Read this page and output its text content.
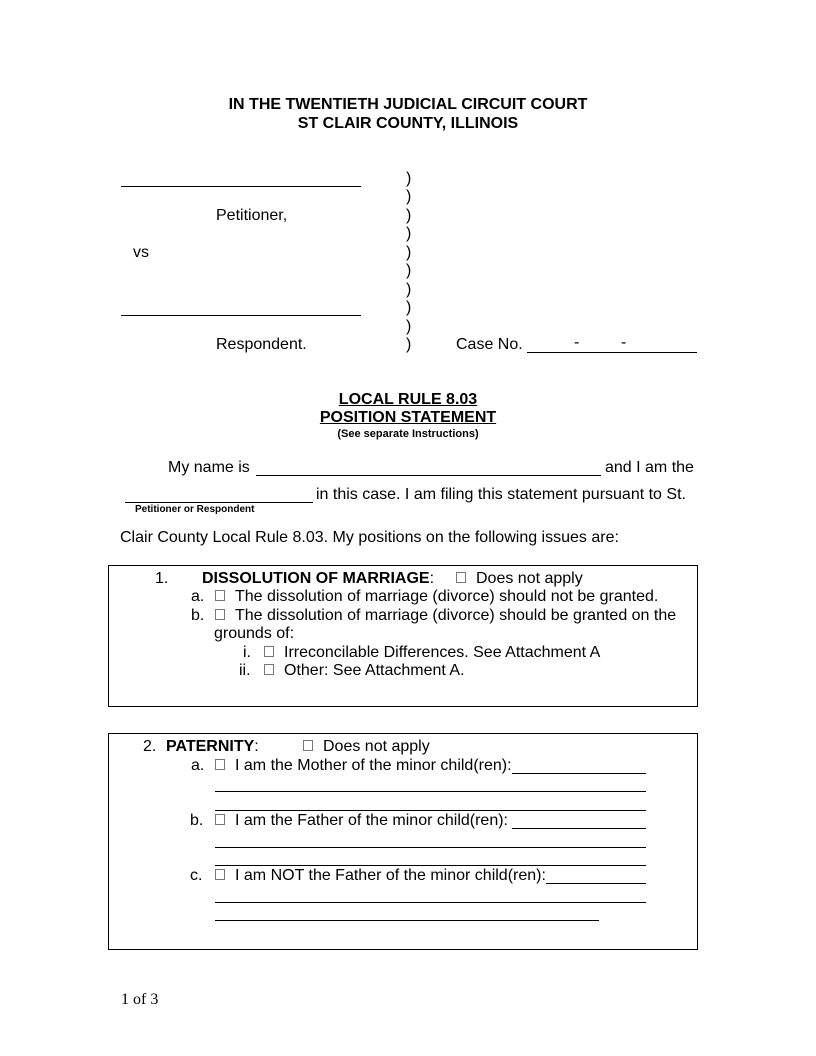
IN THE TWENTIETH JUDICIAL CIRCUIT COURT
ST CLAIR COUNTY, ILLINOIS
Petitioner,
vs
Respondent.
)
)
)
)
)
)
)
)
)
)	Case No.	-	-
LOCAL RULE 8.03
POSITION STATEMENT
(See separate Instructions)
My name is	and I am the
in this case. I am filing this statement pursuant to St.
Petitioner or Respondent
Clair County Local Rule 8.03. My positions on the following issues are:
1. DISSOLUTION OF MARRIAGE:	Does not apply
a.	The dissolution of marriage (divorce) should not be granted.
b.	The dissolution of marriage (divorce) should be granted on the
grounds of:
i.	Irreconcilable Differences. See Attachment A
ii.	Other: See Attachment A.
2. PATERNITY:	Does not apply
a.	I am the Mother of the minor child(ren):
b.	I am the Father of the minor child(ren):
c.	I am NOT the Father of the minor child(ren):
1 of 3
